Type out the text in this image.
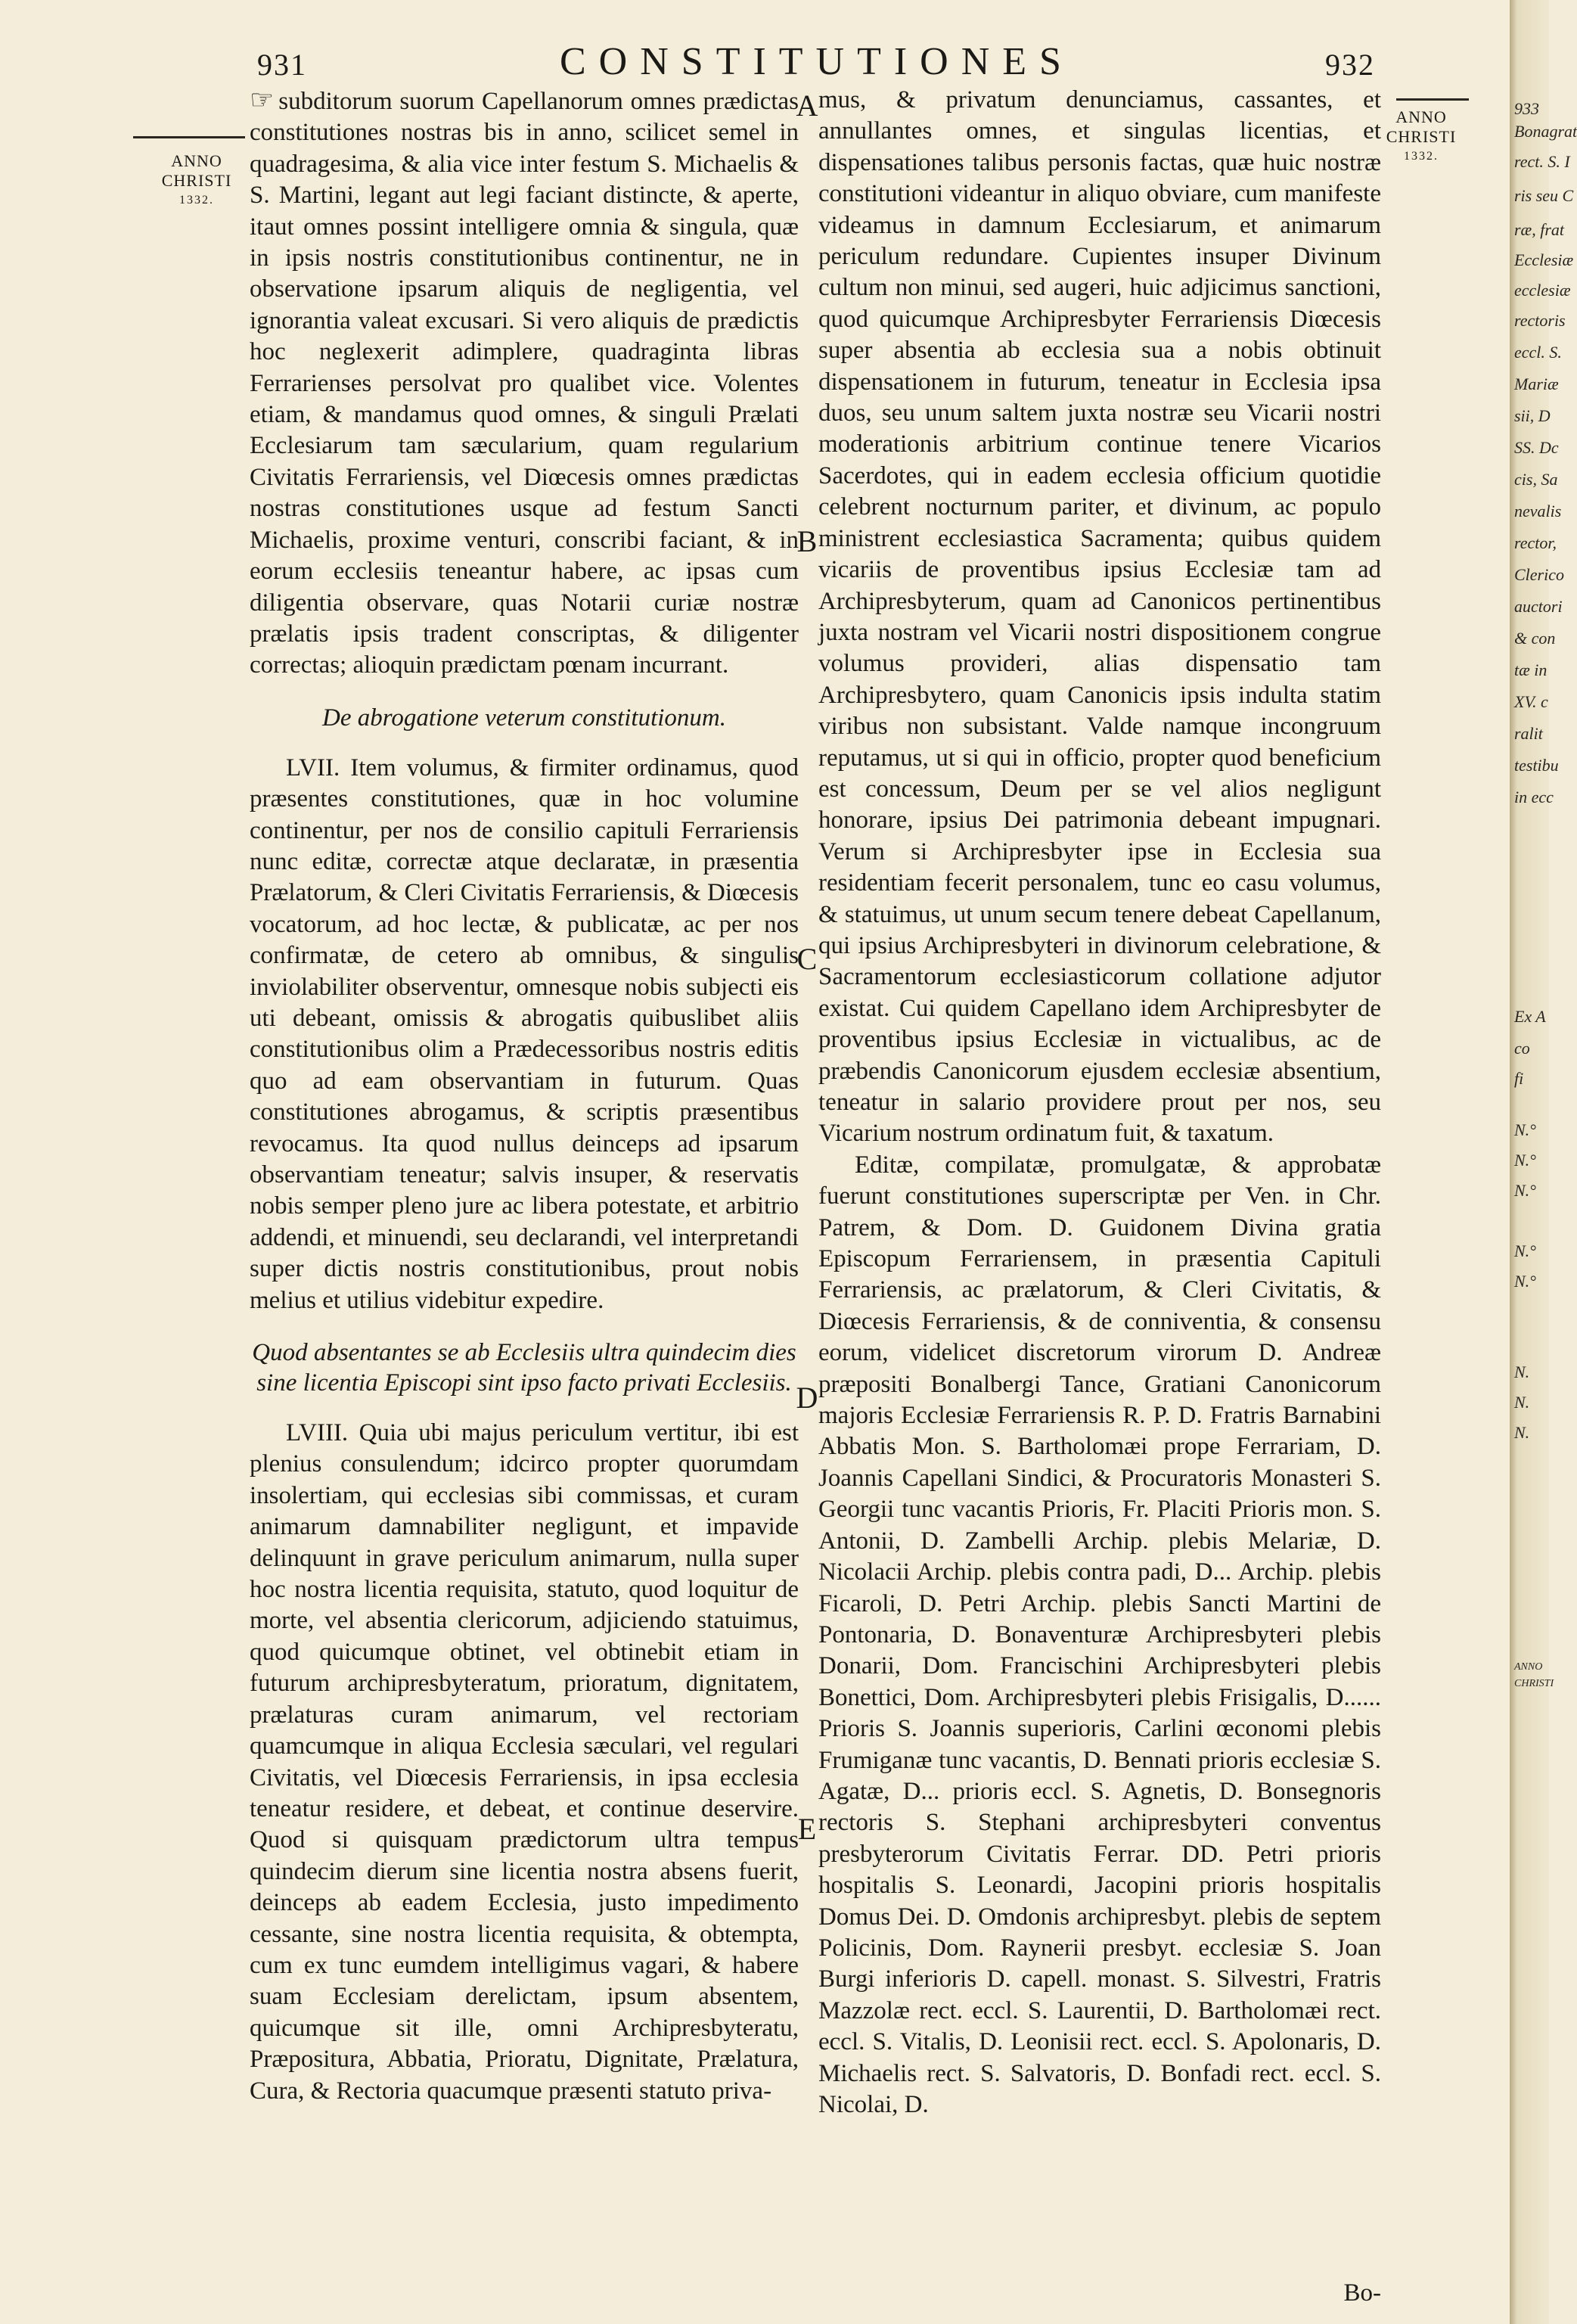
931	CONSTITUTIONES	932
ANNO
CHRISTI
1332.
ANNO
CHRISTI
1332.
A
B
C
D
E

☞ subditorum suorum Capellanorum omnes prædictas constitutiones nostras bis in anno, scilicet semel in quadragesima, & alia vice inter festum S. Michaelis & S. Martini, legant aut legi faciant distincte, & aperte, itaut omnes possint intelligere omnia & singula, quæ in ipsis nostris constitutionibus continentur, ne in observatione ipsarum aliquis de negligentia, vel ignorantia valeat excusari. Si vero aliquis de prædictis hoc neglexerit adimplere, quadraginta libras Ferrarienses persolvat pro qualibet vice. Volentes etiam, & mandamus quod omnes, & singuli Prælati Ecclesiarum tam sæcularium, quam regularium Civitatis Ferrariensis, vel Diœcesis omnes prædictas nostras constitutiones usque ad festum Sancti Michaelis, proxime venturi, conscribi faciant, & in eorum ecclesiis teneantur habere, ac ipsas cum diligentia observare, quas Notarii curiæ nostræ prælatis ipsis tradent conscriptas, & diligenter correctas; alioquin prædictam pœnam incurrant.

De abrogatione veterum constitutionum.

LVII. Item volumus, & firmiter ordinamus, quod præsentes constitutiones, quæ in hoc volumine continentur, per nos de consilio capituli Ferrariensis nunc editæ, correctæ atque declaratæ, in præsentia Prælatorum, & Cleri Civitatis Ferrariensis, & Diœcesis vocatorum, ad hoc lectæ, & publicatæ, ac per nos confirmatæ, de cetero ab omnibus, & singulis inviolabiliter observentur, omnesque nobis subjecti eis uti debeant, omissis & abrogatis quibuslibet aliis constitutionibus olim a Prædecessoribus nostris editis quo ad eam observantiam in futurum. Quas constitutiones abrogamus, & scriptis præsentibus revocamus. Ita quod nullus deinceps ad ipsarum observantiam teneatur; salvis insuper, & reservatis nobis semper pleno jure ac libera potestate, et arbitrio addendi, et minuendi, seu declarandi, vel interpretandi super dictis nostris constitutionibus, prout nobis melius et utilius videbitur expedire.

Quod absentantes se ab Ecclesiis ultra quindecim dies sine licentia Episcopi sint ipso facto privati Ecclesiis.

LVIII. Quia ubi majus periculum vertitur, ibi est plenius consulendum; idcirco propter quorumdam insolertiam, qui ecclesias sibi commissas, et curam animarum damnabiliter negligunt, et impavide delinquunt in grave periculum animarum, nulla super hoc nostra licentia requisita, statuto, quod loquitur de morte, vel absentia clericorum, adjiciendo statuimus, quod quicumque obtinet, vel obtinebit etiam in futurum archipresbyteratum, prioratum, dignitatem, prælaturas curam animarum, vel rectoriam quamcumque in aliqua Ecclesia sæculari, vel regulari Civitatis, vel Diœcesis Ferrariensis, in ipsa ecclesia teneatur residere, et debeat, et continue deservire. Quod si quisquam prædictorum ultra tempus quindecim dierum sine licentia nostra absens fuerit, deinceps ab eadem Ecclesia, justo impedimento cessante, sine nostra licentia requisita, & obtempta, cum ex tunc eumdem intelligimus vagari, & habere suam Ecclesiam derelictam, ipsum absentem, quicumque sit ille, omni Archipresbyteratu, Præpositura, Abbatia, Prioratu, Dignitate, Prælatura, Cura, & Rectoria quacumque præsenti statuto priva-

mus, & privatum denunciamus, cassantes, et annullantes omnes, et singulas licentias, et dispensationes talibus personis factas, quæ huic nostræ constitutioni videantur in aliquo obviare, cum manifeste videamus in damnum Ecclesiarum, et animarum periculum redundare. Cupientes insuper Divinum cultum non minui, sed augeri, huic adjicimus sanctioni, quod quicumque Archipresbyter Ferrariensis Diœcesis super absentia ab ecclesia sua a nobis obtinuit dispensationem in futurum, teneatur in Ecclesia ipsa duos, seu unum saltem juxta nostræ seu Vicarii nostri moderationis arbitrium continue tenere Vicarios Sacerdotes, qui in eadem ecclesia officium quotidie celebrent nocturnum pariter, et divinum, ac populo ministrent ecclesiastica Sacramenta; quibus quidem vicariis de proventibus ipsius Ecclesiæ tam ad Archipresbyterum, quam ad Canonicos pertinentibus juxta nostram vel Vicarii nostri dispositionem congrue volumus provideri, alias dispensatio tam Archipresbytero, quam Canonicis ipsis indulta statim viribus non subsistant. Valde namque incongruum reputamus, ut si qui in officio, propter quod beneficium est concessum, Deum per se vel alios negligunt honorare, ipsius Dei patrimonia debeant impugnari. Verum si Archipresbyter ipse in Ecclesia sua residentiam fecerit personalem, tunc eo casu volumus, & statuimus, ut unum secum tenere debeat Capellanum, qui ipsius Archipresbyteri in divinorum celebratione, & Sacramentorum ecclesiasticorum collatione adjutor existat. Cui quidem Capellano idem Archipresbyter de proventibus ipsius Ecclesiæ in victualibus, ac de præbendis Canonicorum ejusdem ecclesiæ absentium, teneatur in salario providere prout per nos, seu Vicarium nostrum ordinatum fuit, & taxatum.

Editæ, compilatæ, promulgatæ, & approbatæ fuerunt constitutiones superscriptæ per Ven. in Chr. Patrem, & Dom. D. Guidonem Divina gratia Episcopum Ferrariensem, in præsentia Capituli Ferrariensis, ac prælatorum, & Cleri Civitatis, & Diœcesis Ferrariensis, & de conniventia, & consensu eorum, videlicet discretorum virorum D. Andreæ præpositi Bonalbergi Tance, Gratiani Canonicorum majoris Ecclesiæ Ferrariensis R. P. D. Fratris Barnabini Abbatis Mon. S. Bartholomæi prope Ferrariam, D. Joannis Capellani Sindici, & Procuratoris Monasteri S. Georgii tunc vacantis Prioris, Fr. Placiti Prioris mon. S. Antonii, D. Zambelli Archip. plebis Melariæ, D. Nicolacii Archip. plebis contra padi, D... Archip. plebis Ficaroli, D. Petri Archip. plebis Sancti Martini de Pontonaria, D. Bonaventuræ Archipresbyteri plebis Donarii, Dom. Francischini Archipresbyteri plebis Bonettici, Dom. Archipresbyteri plebis Frisigalis, D...... Prioris S. Joannis superioris, Carlini œconomi plebis Frumiganæ tunc vacantis, D. Bennati prioris ecclesiæ S. Agatæ, D... prioris eccl. S. Agnetis, D. Bonsegnoris rectoris S. Stephani archipresbyteri conventus presbyterorum Civitatis Ferrar. DD. Petri prioris hospitalis S. Leonardi, Jacopini prioris hospitalis Domus Dei. D. Omdonis archipresbyt. plebis de septem Policinis, Dom. Raynerii presbyt. ecclesiæ S. Joan Burgi inferioris D. capell. monast. S. Silvestri, Fratris Mazzolæ rect. eccl. S. Laurentii, D. Bartholomæi rect. eccl. S. Vitalis, D. Leonisii rect. eccl. S. Apolonaris, D. Michaelis rect. S. Salvatoris, D. Bonfadi rect. eccl. S. Nicolai, D.

Bo-
933
Bonagrat
rect. S. I
ris seu C
ræ, frat
Ecclesiæ
ecclesiæ
rectoris
eccl. S.
Mariæ
sii, D
SS. Dc
cis, Sa
nevalis
rector,
Clerico
auctori
& con
tæ in
XV. c
ralit
testibu
in ecc
Ex A
co
fi
N.°
N.°
N.°
N.°
N.°
N.
N.
N.
ANNO
CHRISTI
